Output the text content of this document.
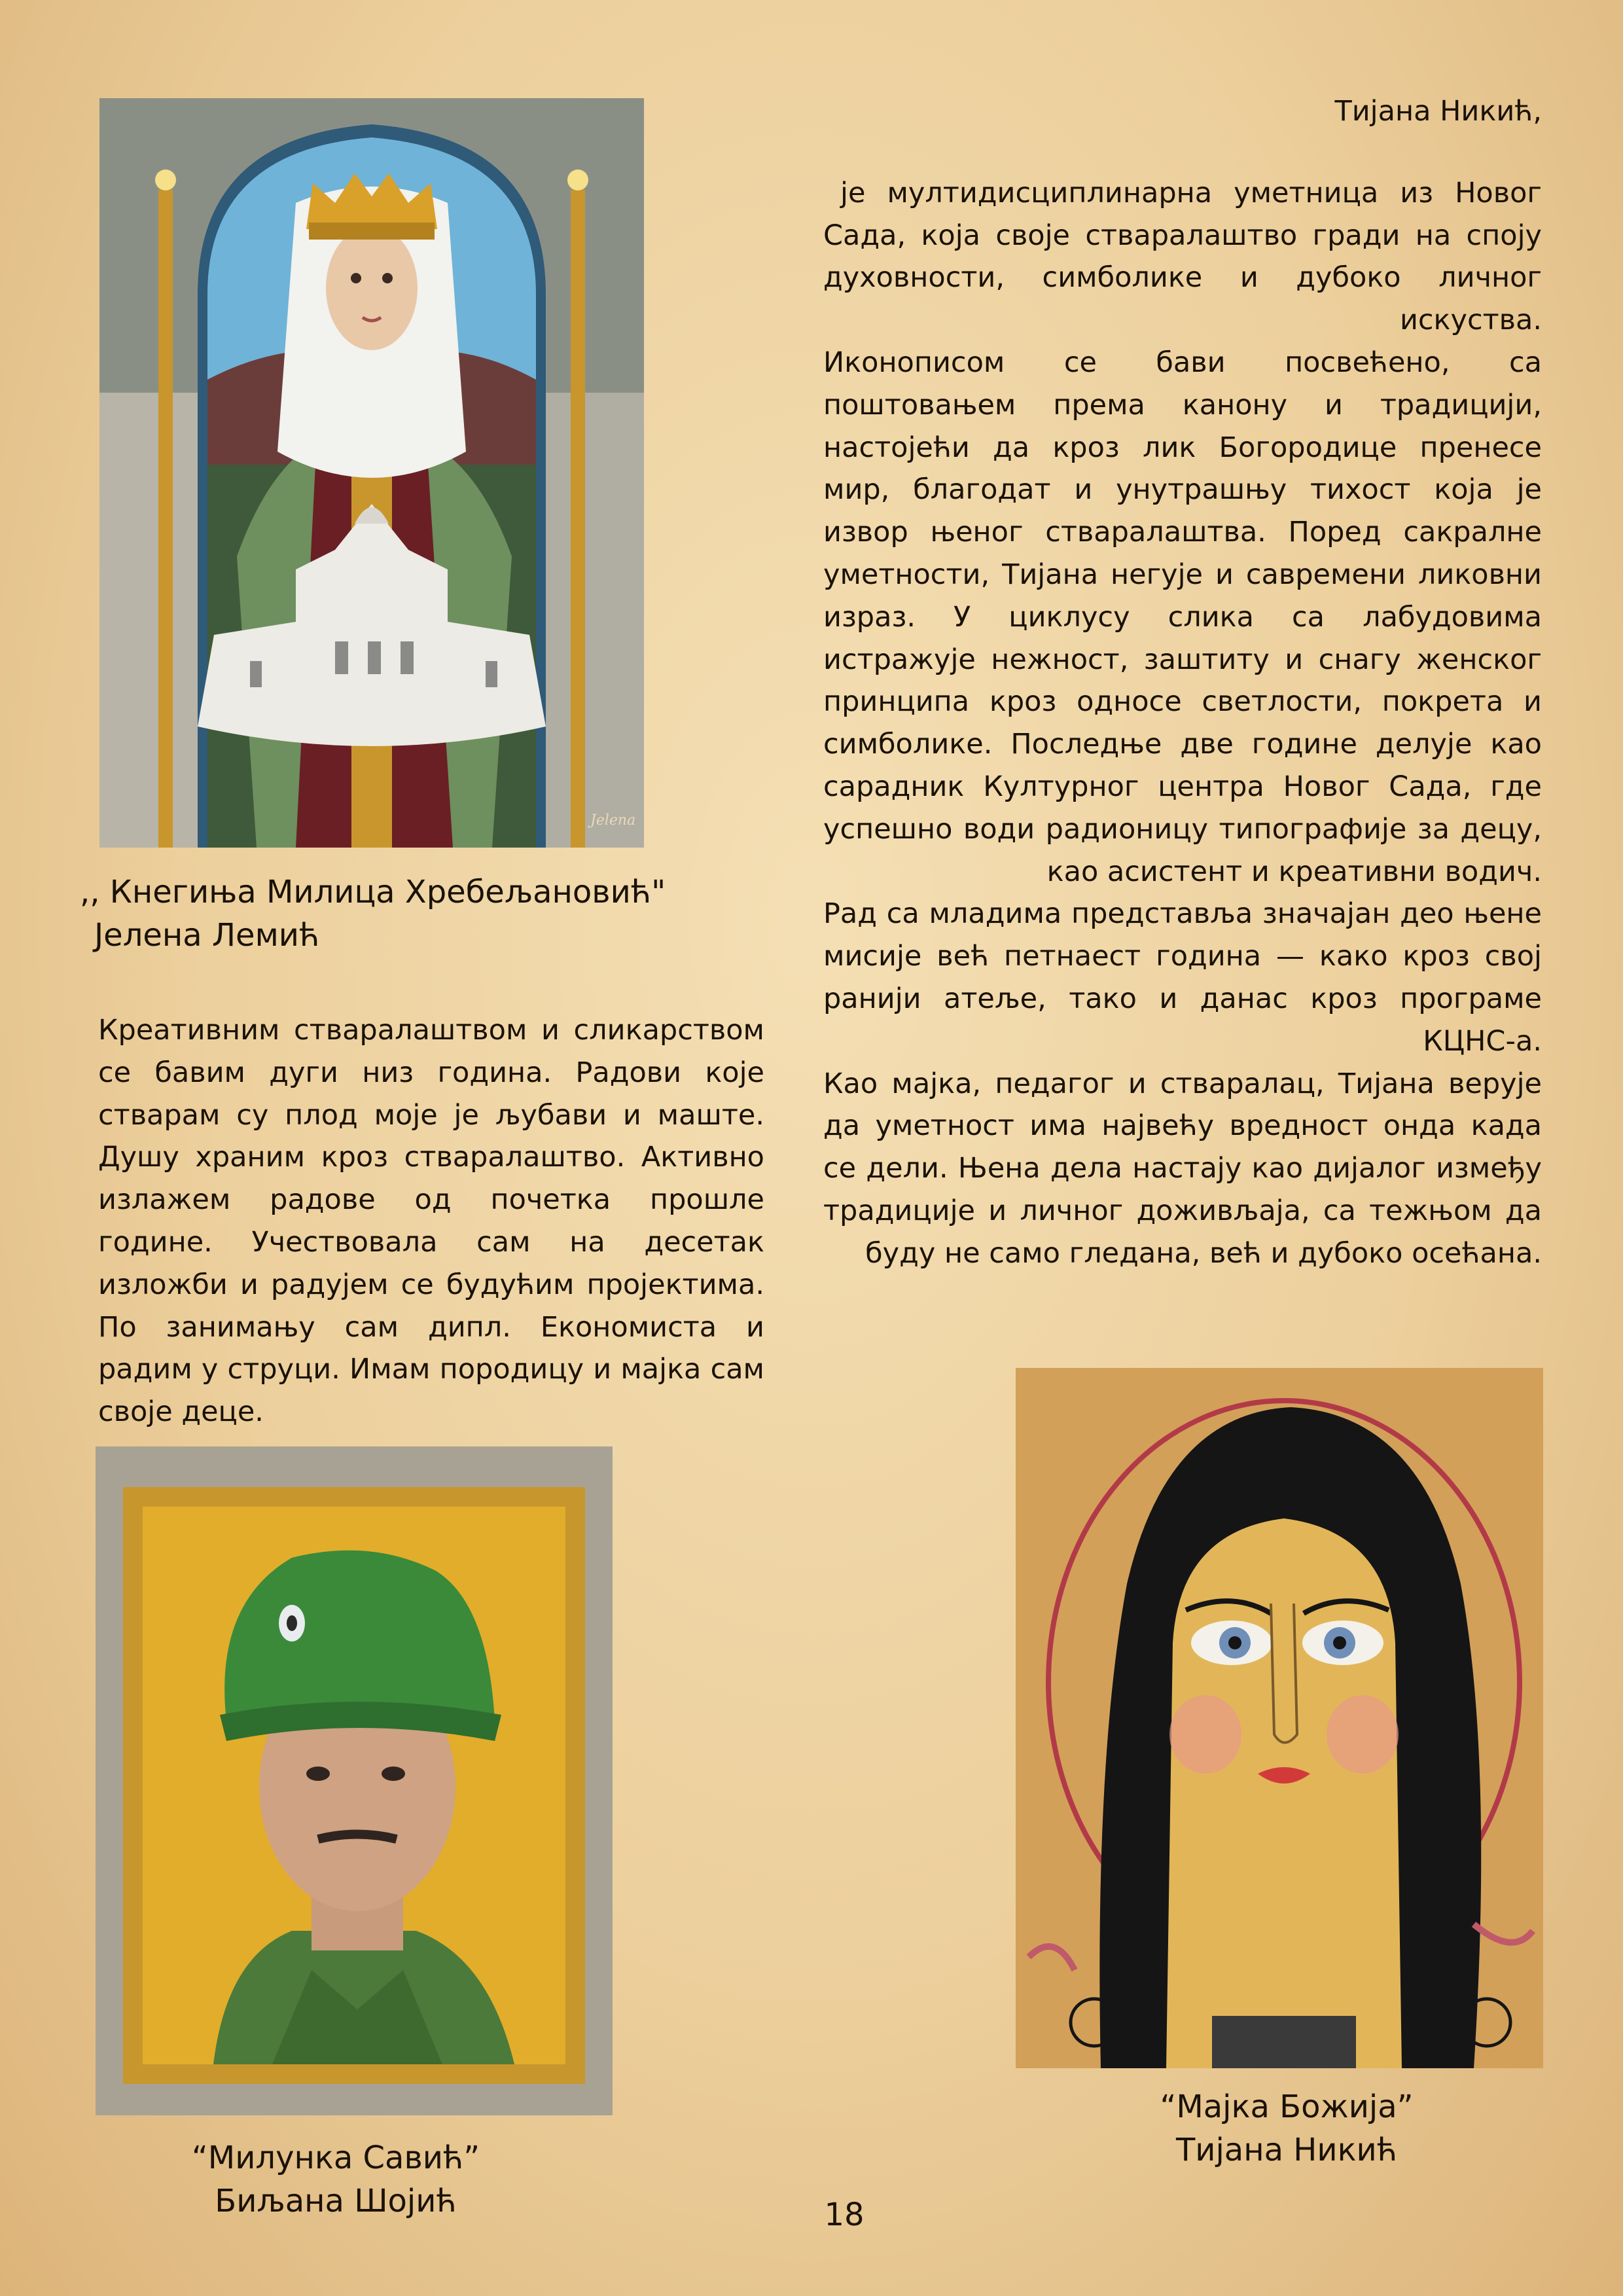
Jelena
,, Кнегиња Милица Хребељановић"
Јелена Лемић

Креативним стваралаштвом и сликарством се бавим дуги низ година. Радови које стварам су плод моје је љубави и маште. Душу храним кроз стваралаштво. Активно излажем радове од почетка прошле године. Учествовала сам на десетак изложби и радујем се будућим пројектима. По занимању сам дипл. Економиста и радим у струци. Имам породицу и мајка сам своје деце.

Тијана Никић,

је мултидисциплинарна уметница из Новог Сада, која своје стваралаштво гради на споју духовности, симболике и дубоко личног искуства.

Иконописом се бави посвећено, са поштовањем према канону и традицији, настојећи да кроз лик Богородице пренесе мир, благодат и унутрашњу тихост која је извор њеног стваралаштва. Поред сакралне уметности, Тијана негује и савремени ликовни израз. У циклусу слика са лабудовима истражује нежност, заштиту и снагу женског принципа кроз односе светлости, покрета и симболике. Последње две године делује као сарадник Културног центра Новог Сада, где успешно води радионицу типографије за децу, као асистент и креативни водич.

Рад са младима представља значајан део њене мисије већ петнаест година — како кроз свој ранији атеље, тако и данас кроз програме КЦНС-а.

Као мајка, педагог и стваралац, Тијана верује да уметност има највећу вредност онда када се дели. Њена дела настају као дијалог између традиције и личног доживљаја, са тежњом да буду не само гледана, већ и дубоко осећана.

“Милунка Савић”
Биљана Шојић
“Мајка Божија”
Тијана Никић
18
